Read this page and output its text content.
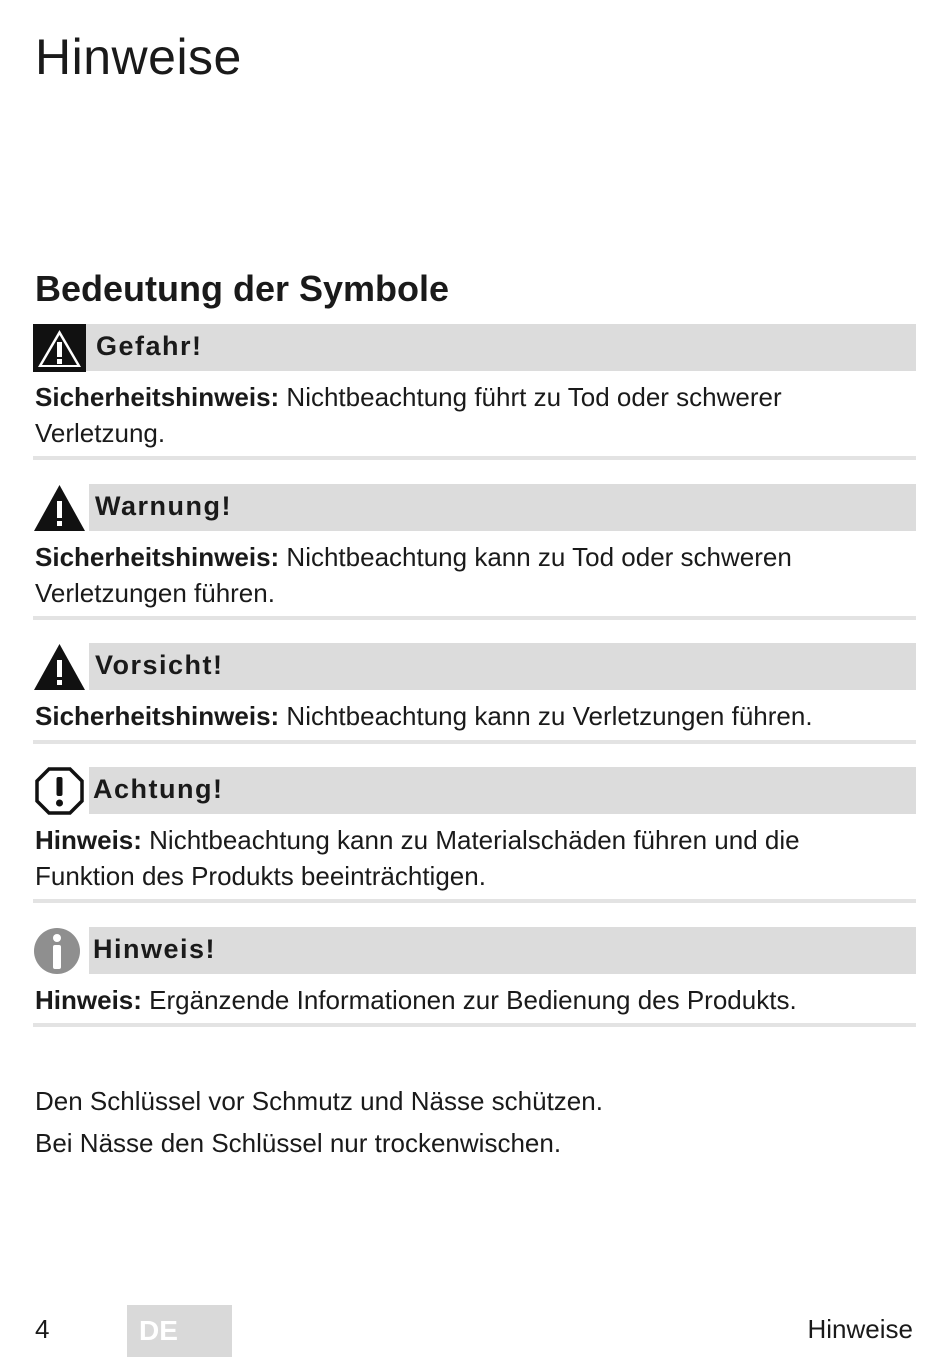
Hinweise
Bedeutung der Symbole
Gefahr!
Sicherheitshinweis: Nichtbeachtung führt zu Tod oder schwerer Verletzung.
Warnung!
Sicherheitshinweis: Nichtbeachtung kann zu Tod oder schweren Verletzungen führen.
Vorsicht!
Sicherheitshinweis: Nichtbeachtung kann zu Verletzungen führen.
Achtung!
Hinweis: Nichtbeachtung kann zu Materialschäden führen und die Funktion des Produkts beeinträchtigen.
Hinweis!
Hinweis: Ergänzende Informationen zur Bedienung des Produkts.

Den Schlüssel vor Schmutz und Nässe schützen.

Bei Nässe den Schlüssel nur trockenwischen.

4	DE	Hinweise
